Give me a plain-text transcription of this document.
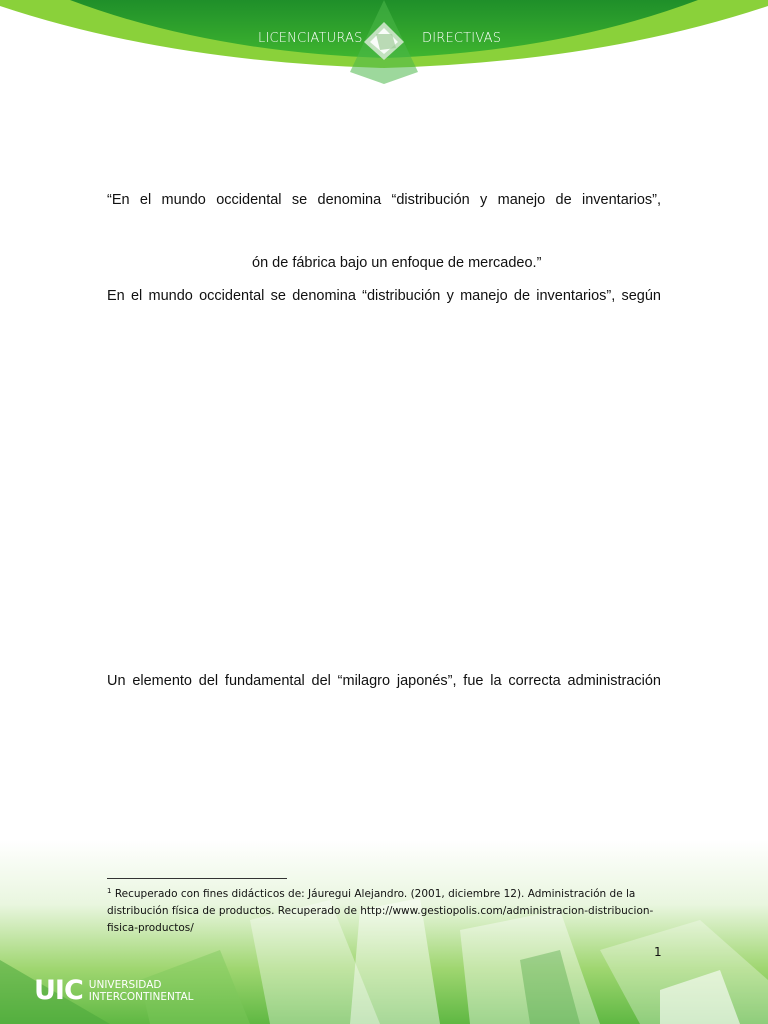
LICENCIATURAS	DIRECTIVAS
“En el mundo occidental se denomina “distribución y manejo de inventarios”,
ón de fábrica bajo un enfoque de mercadeo.”
En el mundo occidental se denomina “distribución y manejo de inventarios”, según
Un elemento del fundamental del “milagro japonés”, fue la correcta administración
$^1$ Recuperado con fines didácticos de: Jáuregui Alejandro. (2001, diciembre 12). Administración de la
distribución física de productos. Recuperado de http://www.gestiopolis.com/administracion-distribucion-
fisica-productos/
1
UIC UNIVERSIDAD
INTERCONTINENTAL
